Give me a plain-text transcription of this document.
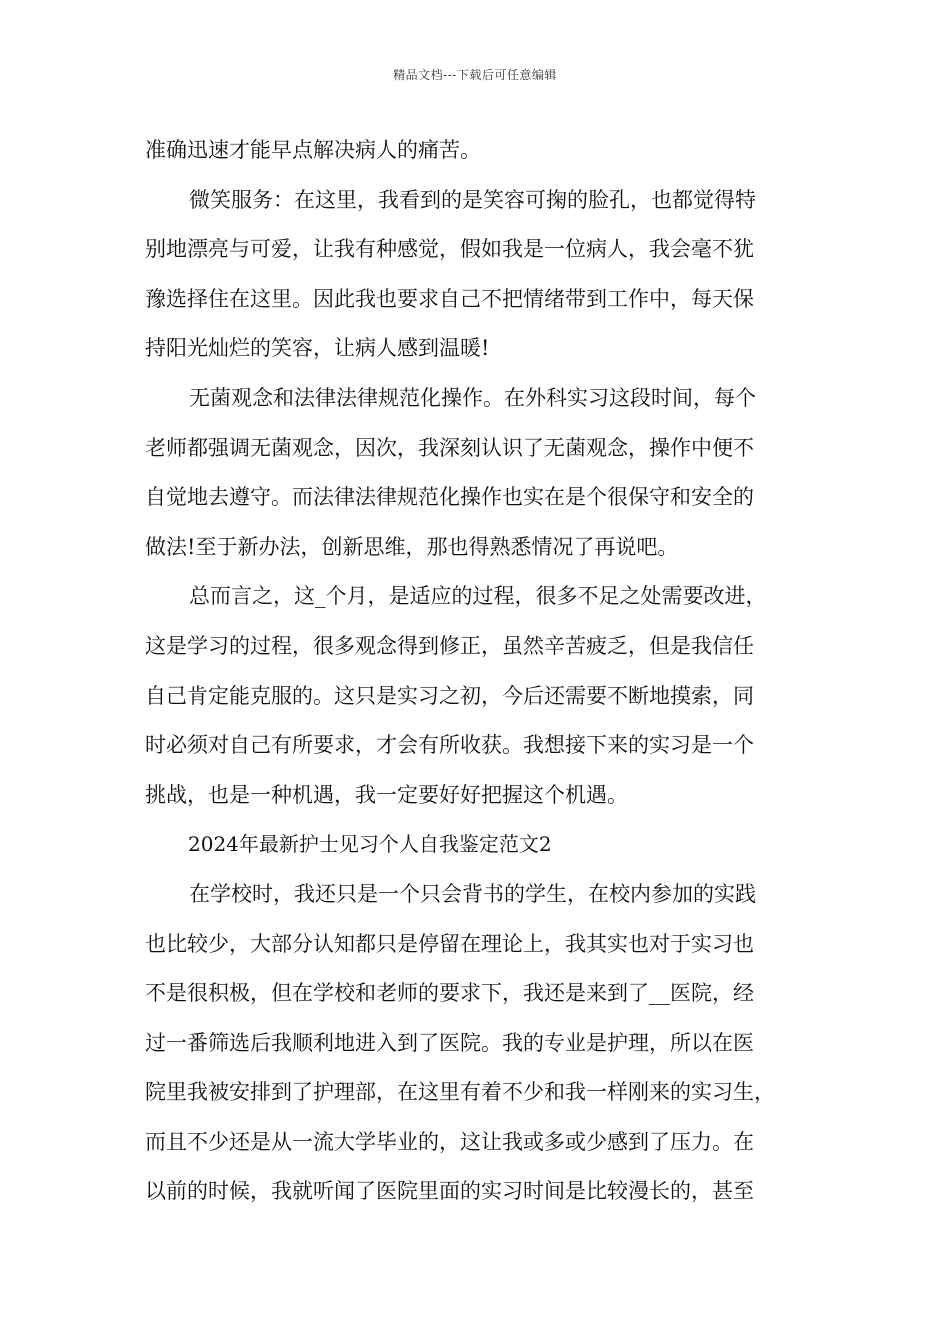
精品文档---下载后可任意编辑
准确迅速才能早点解决病人的痛苦。
微笑服务：在这里，我看到的是笑容可掬的脸孔，也都觉得特
别地漂亮与可爱，让我有种感觉，假如我是一位病人，我会毫不犹
豫选择住在这里。因此我也要求自己不把情绪带到工作中，每天保
持阳光灿烂的笑容，让病人感到温暖!
无菌观念和法律法律规范化操作。在外科实习这段时间，每个
老师都强调无菌观念，因次，我深刻认识了无菌观念，操作中便不
自觉地去遵守。而法律法律规范化操作也实在是个很保守和安全的
做法!至于新办法，创新思维，那也得熟悉情况了再说吧。
总而言之，这_个月，是适应的过程，很多不足之处需要改进，
这是学习的过程，很多观念得到修正，虽然辛苦疲乏，但是我信任
自己肯定能克服的。这只是实习之初，今后还需要不断地摸索，同
时必须对自己有所要求，才会有所收获。我想接下来的实习是一个
挑战，也是一种机遇，我一定要好好把握这个机遇。
2024年最新护士见习个人自我鉴定范文2
在学校时，我还只是一个只会背书的学生，在校内参加的实践
也比较少，大部分认知都只是停留在理论上，我其实也对于实习也
不是很积极，但在学校和老师的要求下，我还是来到了__医院，经
过一番筛选后我顺利地进入到了医院。我的专业是护理，所以在医
院里我被安排到了护理部，在这里有着不少和我一样刚来的实习生，
而且不少还是从一流大学毕业的，这让我或多或少感到了压力。在
以前的时候，我就听闻了医院里面的实习时间是比较漫长的，甚至
